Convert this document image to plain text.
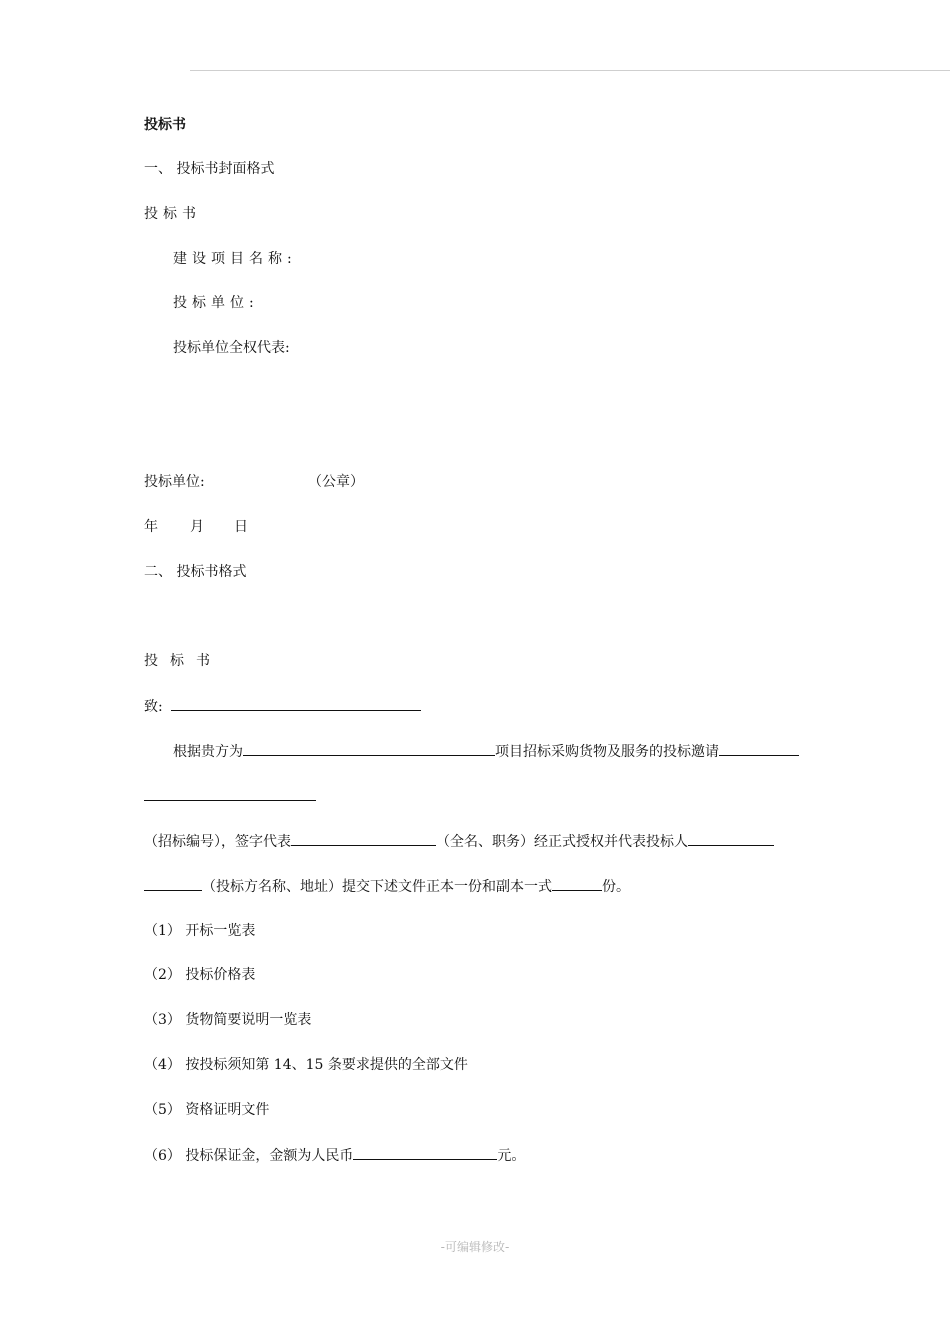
投标书
一、 投标书封面格式
投标书
建设项目名称:
投标单位:
投标单位全权代表:
投标单位:	（公章）
年 月 日
二、 投标书格式
投标书
致:
根据贵方为	项目招标采购货物及服务的投标邀请
（招标编号），签字代表	（全名、职务）经正式授权并代表投标人
（投标方名称、地址）提交下述文件正本一份和副本一式	份。
（1） 开标一览表
（2） 投标价格表
（3） 货物简要说明一览表
（4） 按投标须知第 14、15 条要求提供的全部文件
（5） 资格证明文件
（6） 投标保证金，金额为人民币	元。
-可编辑修改-
